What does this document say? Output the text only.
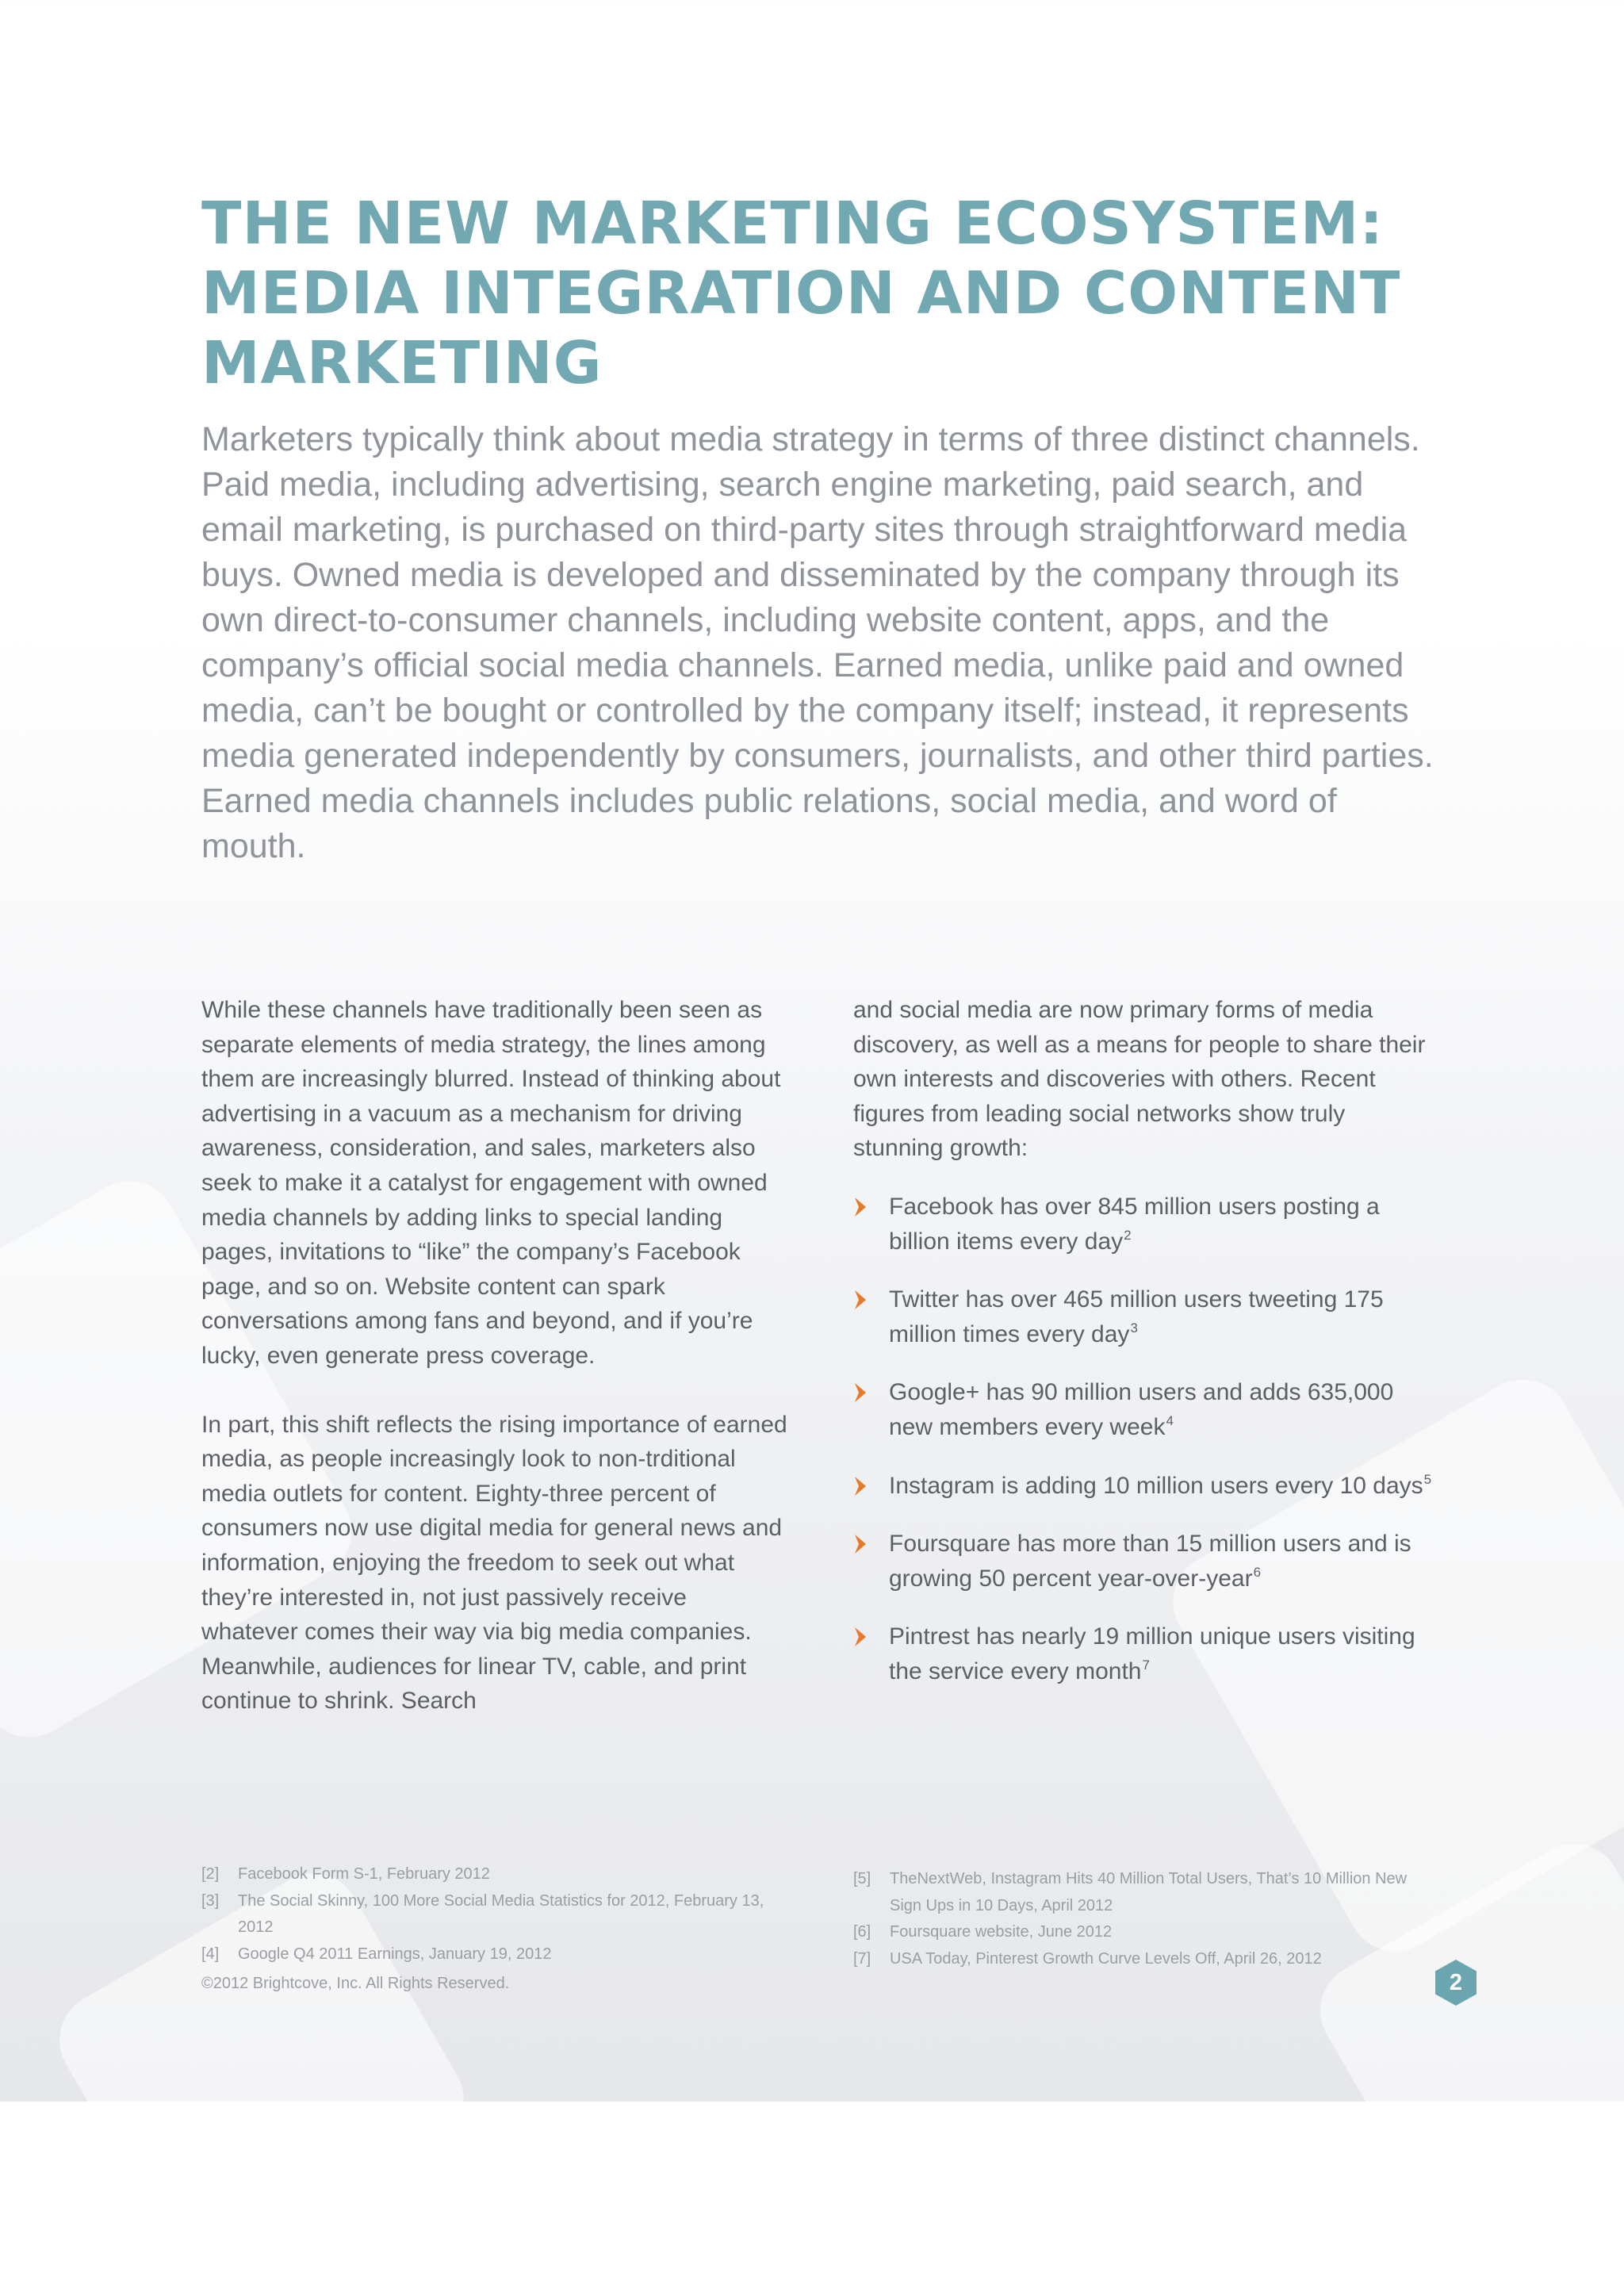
THE NEW MARKETING ECOSYSTEM: MEDIA INTEGRATION AND CONTENT MARKETING

Marketers typically think about media strategy in terms of three distinct channels. Paid media, including advertising, search engine marketing, paid search, and email marketing, is purchased on third-party sites through straightforward media buys. Owned media is developed and disseminated by the company through its own direct-to-consumer channels, including website content, apps, and the company’s official social media channels. Earned media, unlike paid and owned media, can’t be bought or controlled by the company itself; instead, it represents media generated independently by consumers, journalists, and other third parties. Earned media channels includes public relations, social media, and word of mouth.

While these channels have traditionally been seen as separate elements of media strategy, the lines among them are increasingly blurred. Instead of thinking about advertising in a vacuum as a mechanism for driving awareness, consideration, and sales, marketers also seek to make it a catalyst for engagement with owned media channels by adding links to special landing pages, invitations to “like” the company’s Facebook page, and so on. Website content can spark conversations among fans and beyond, and if you’re lucky, even generate press coverage.

In part, this shift reflects the rising importance of earned media, as people increasingly look to non-trditional media outlets for content. Eighty-three percent of consumers now use digital media for general news and information, enjoying the freedom to seek out what they’re interested in, not just passively receive whatever comes their way via big media companies. Meanwhile, audiences for linear TV, cable, and print continue to shrink. Search

and social media are now primary forms of media discovery, as well as a means for people to share their own interests and discoveries with others. Recent figures from leading social networks show truly stunning growth:

Facebook has over 845 million users posting a billion items every day$^2$
Twitter has over 465 million users tweeting 175 million times every day$^3$
Google+ has 90 million users and adds 635,000 new members every week$^4$
Instagram is adding 10 million users every 10 days$^5$
Foursquare has more than 15 million users and is growing 50 percent year-over-year$^6$
Pintrest has nearly 19 million unique users visiting the service every month$^7$
[2] Facebook Form S-1, February 2012
[3] The Social Skinny, 100 More Social Media Statistics for 2012, February 13, 2012
[4] Google Q4 2011 Earnings, January 19, 2012
[5] TheNextWeb, Instagram Hits 40 Million Total Users, That’s 10 Million New Sign Ups in 10 Days, April 2012
[6] Foursquare website, June 2012
[7] USA Today, Pinterest Growth Curve Levels Off, April 26, 2012
©2012 Brightcove, Inc. All Rights Reserved.	2
